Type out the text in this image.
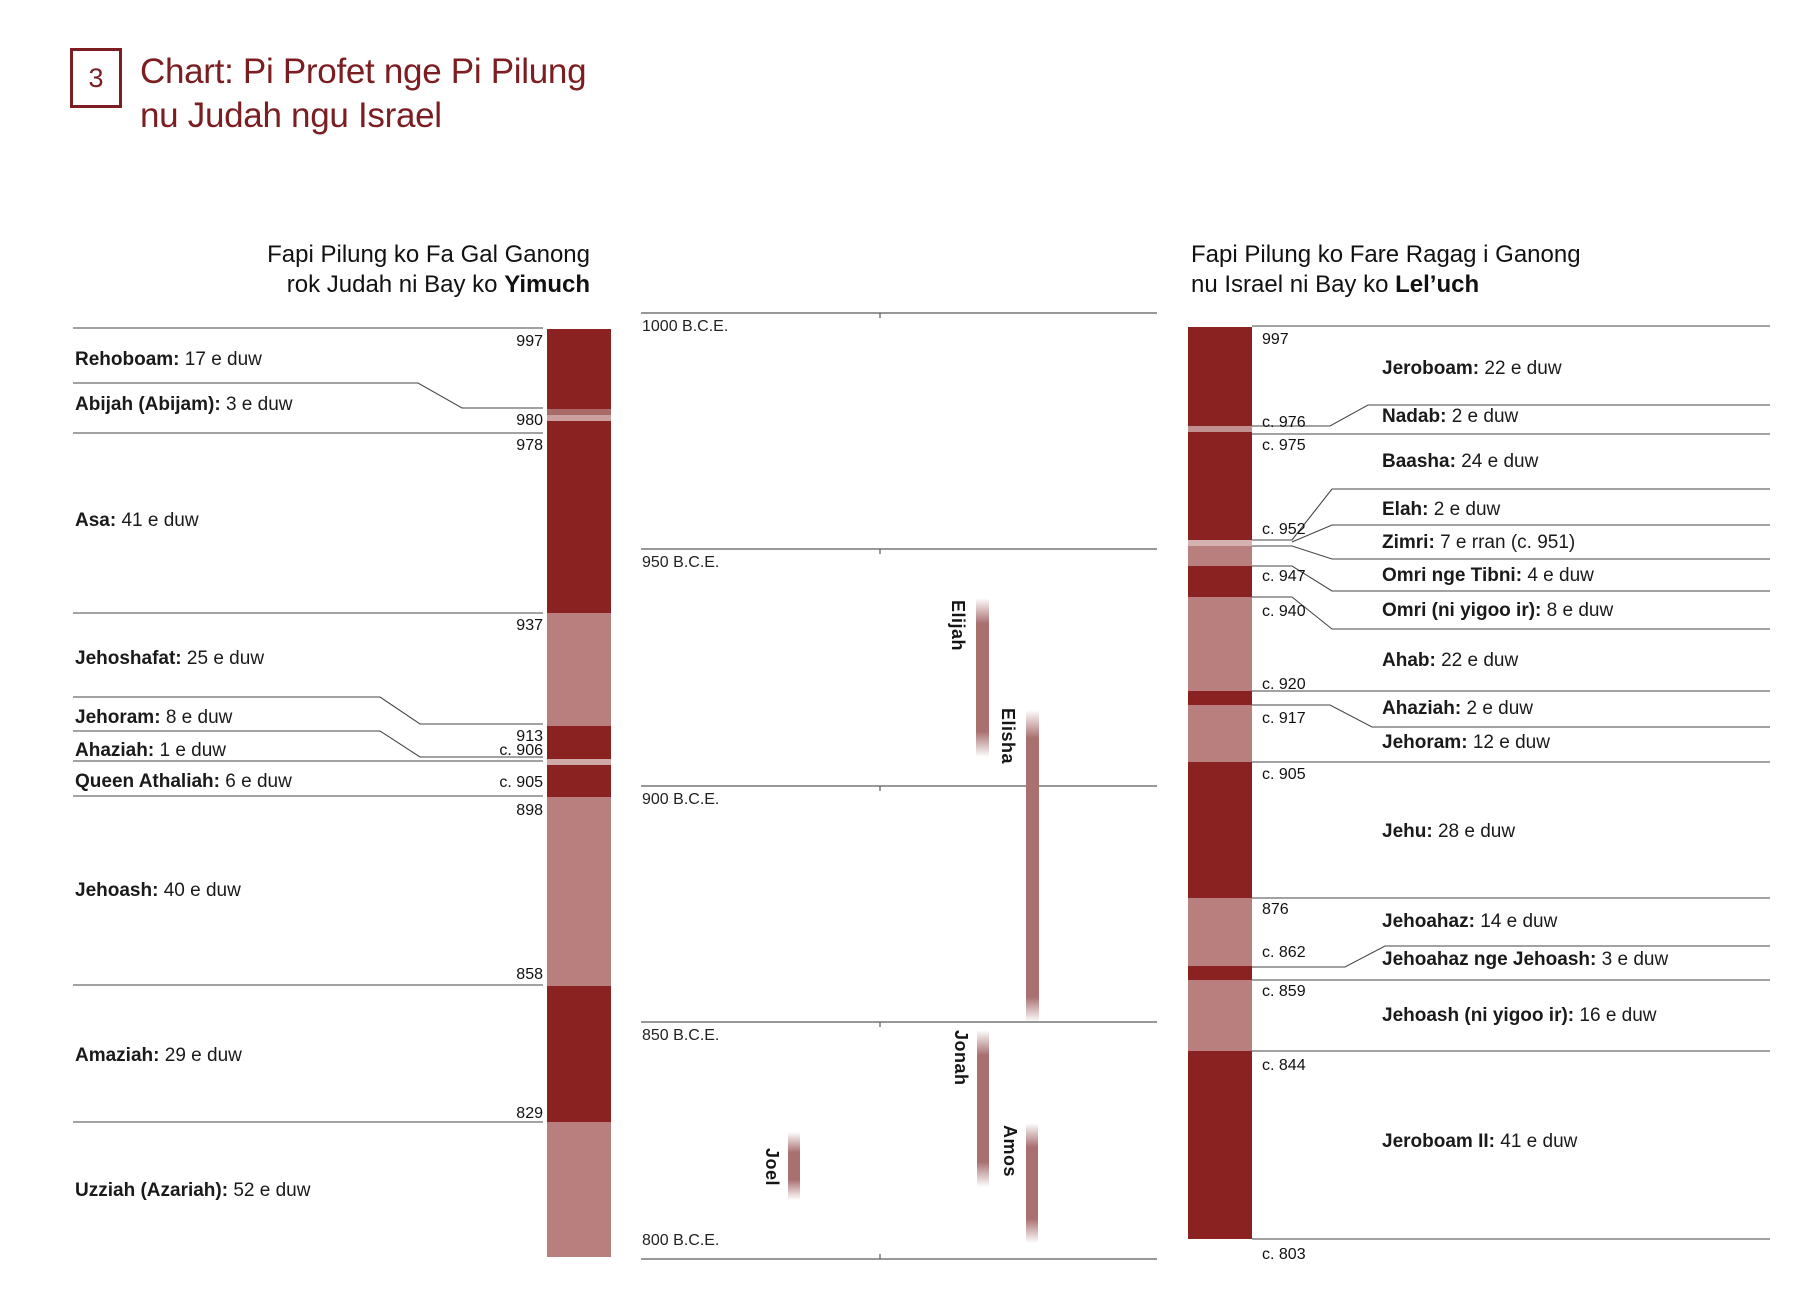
3 Chart: Pi Profet nge Pi Pilung
nu Judah ngu Israel
Fapi Pilung ko Fa Gal Ganong
rok Judah ni Bay ko Yimuch
Fapi Pilung ko Fare Ragag i Ganong
nu Israel ni Bay ko Lel’uch
1000 B.C.E.
950 B.C.E.
900 B.C.E.
850 B.C.E.
800 B.C.E.
Elijah
Elisha
Jonah
Joel	Amos
Rehoboam: 17 e duw
Abijah (Abijam): 3 e duw
Asa: 41 e duw
Jehoshafat: 25 e duw
Jehoram: 8 e duw
Ahaziah: 1 e duw
Queen Athaliah: 6 e duw
Jehoash: 40 e duw
Amaziah: 29 e duw
Uzziah (Azariah): 52 e duw
997
980
978
937
913
c. 906
c. 905
898
858
829
997
c. 976
c. 975
c. 952
c. 947
c. 940
c. 920
c. 917
c. 905
876
c. 862
c. 859
c. 844
c. 803
Jeroboam: 22 e duw
Nadab: 2 e duw
Baasha: 24 e duw
Elah: 2 e duw
Zimri: 7 e rran (c. 951)
Omri nge Tibni: 4 e duw
Omri (ni yigoo ir): 8 e duw
Ahab: 22 e duw
Ahaziah: 2 e duw
Jehoram: 12 e duw
Jehu: 28 e duw
Jehoahaz: 14 e duw
Jehoahaz nge Jehoash: 3 e duw
Jehoash (ni yigoo ir): 16 e duw
Jeroboam II: 41 e duw
